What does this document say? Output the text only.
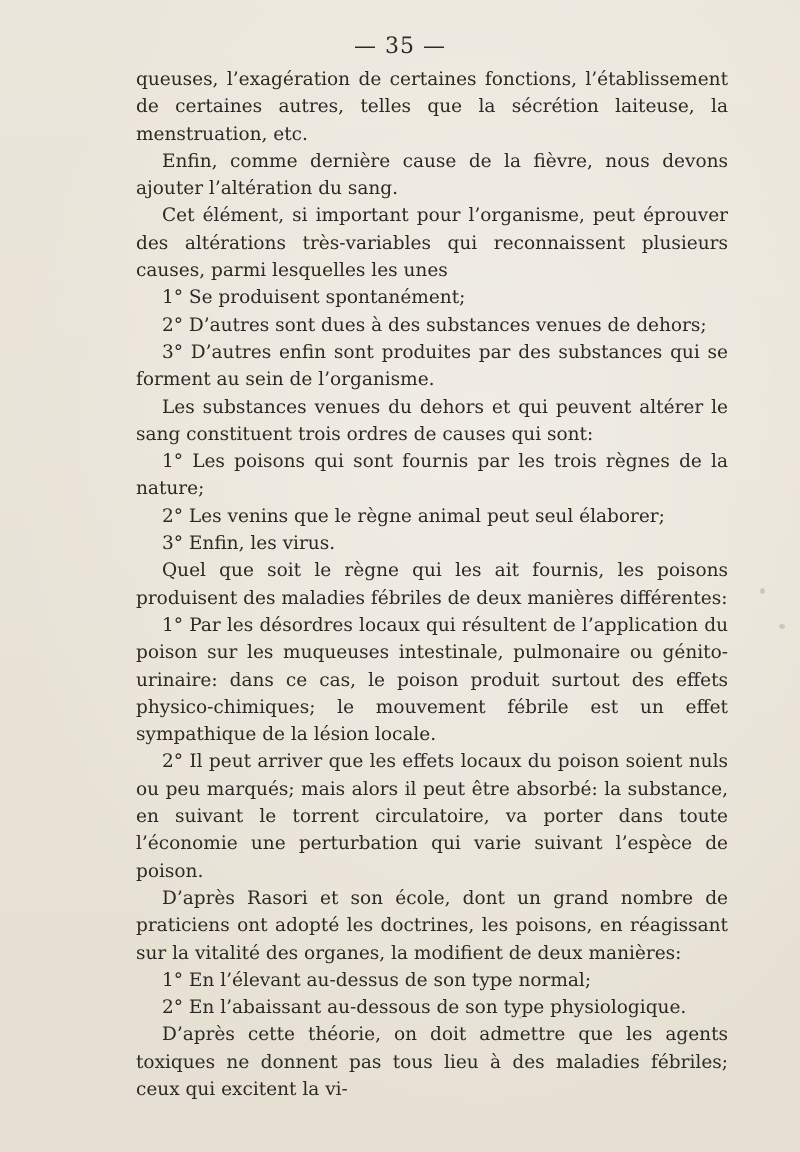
— 35 —

queuses, l’exagération de certaines fonctions, l’établissement de certaines autres, telles que la sécrétion laiteuse, la menstruation, etc.

Enfin, comme dernière cause de la fièvre, nous devons ajouter l’altération du sang.

Cet élément, si important pour l’organisme, peut éprouver des altérations très-variables qui reconnaissent plusieurs causes, parmi lesquelles les unes

1° Se produisent spontanément;

2° D’autres sont dues à des substances venues de dehors;

3° D’autres enfin sont produites par des substances qui se forment au sein de l’organisme.

Les substances venues du dehors et qui peuvent altérer le sang constituent trois ordres de causes qui sont:

1° Les poisons qui sont fournis par les trois règnes de la nature;

2° Les venins que le règne animal peut seul élaborer;

3° Enfin, les virus.

Quel que soit le règne qui les ait fournis, les poisons produisent des maladies fébriles de deux manières différentes:

1° Par les désordres locaux qui résultent de l’application du poison sur les muqueuses intestinale, pulmonaire ou génito-urinaire: dans ce cas, le poison produit surtout des effets physico-chimiques; le mouvement fébrile est un effet sympathique de la lésion locale.

2° Il peut arriver que les effets locaux du poison soient nuls ou peu marqués; mais alors il peut être absorbé: la substance, en suivant le torrent circulatoire, va porter dans toute l’économie une perturbation qui varie suivant l’espèce de poison.

D’après Rasori et son école, dont un grand nombre de praticiens ont adopté les doctrines, les poisons, en réagissant sur la vitalité des organes, la modifient de deux manières:

1° En l’élevant au-dessus de son type normal;

2° En l’abaissant au-dessous de son type physiologique.

D’après cette théorie, on doit admettre que les agents toxiques ne donnent pas tous lieu à des maladies fébriles; ceux qui excitent la vi-
